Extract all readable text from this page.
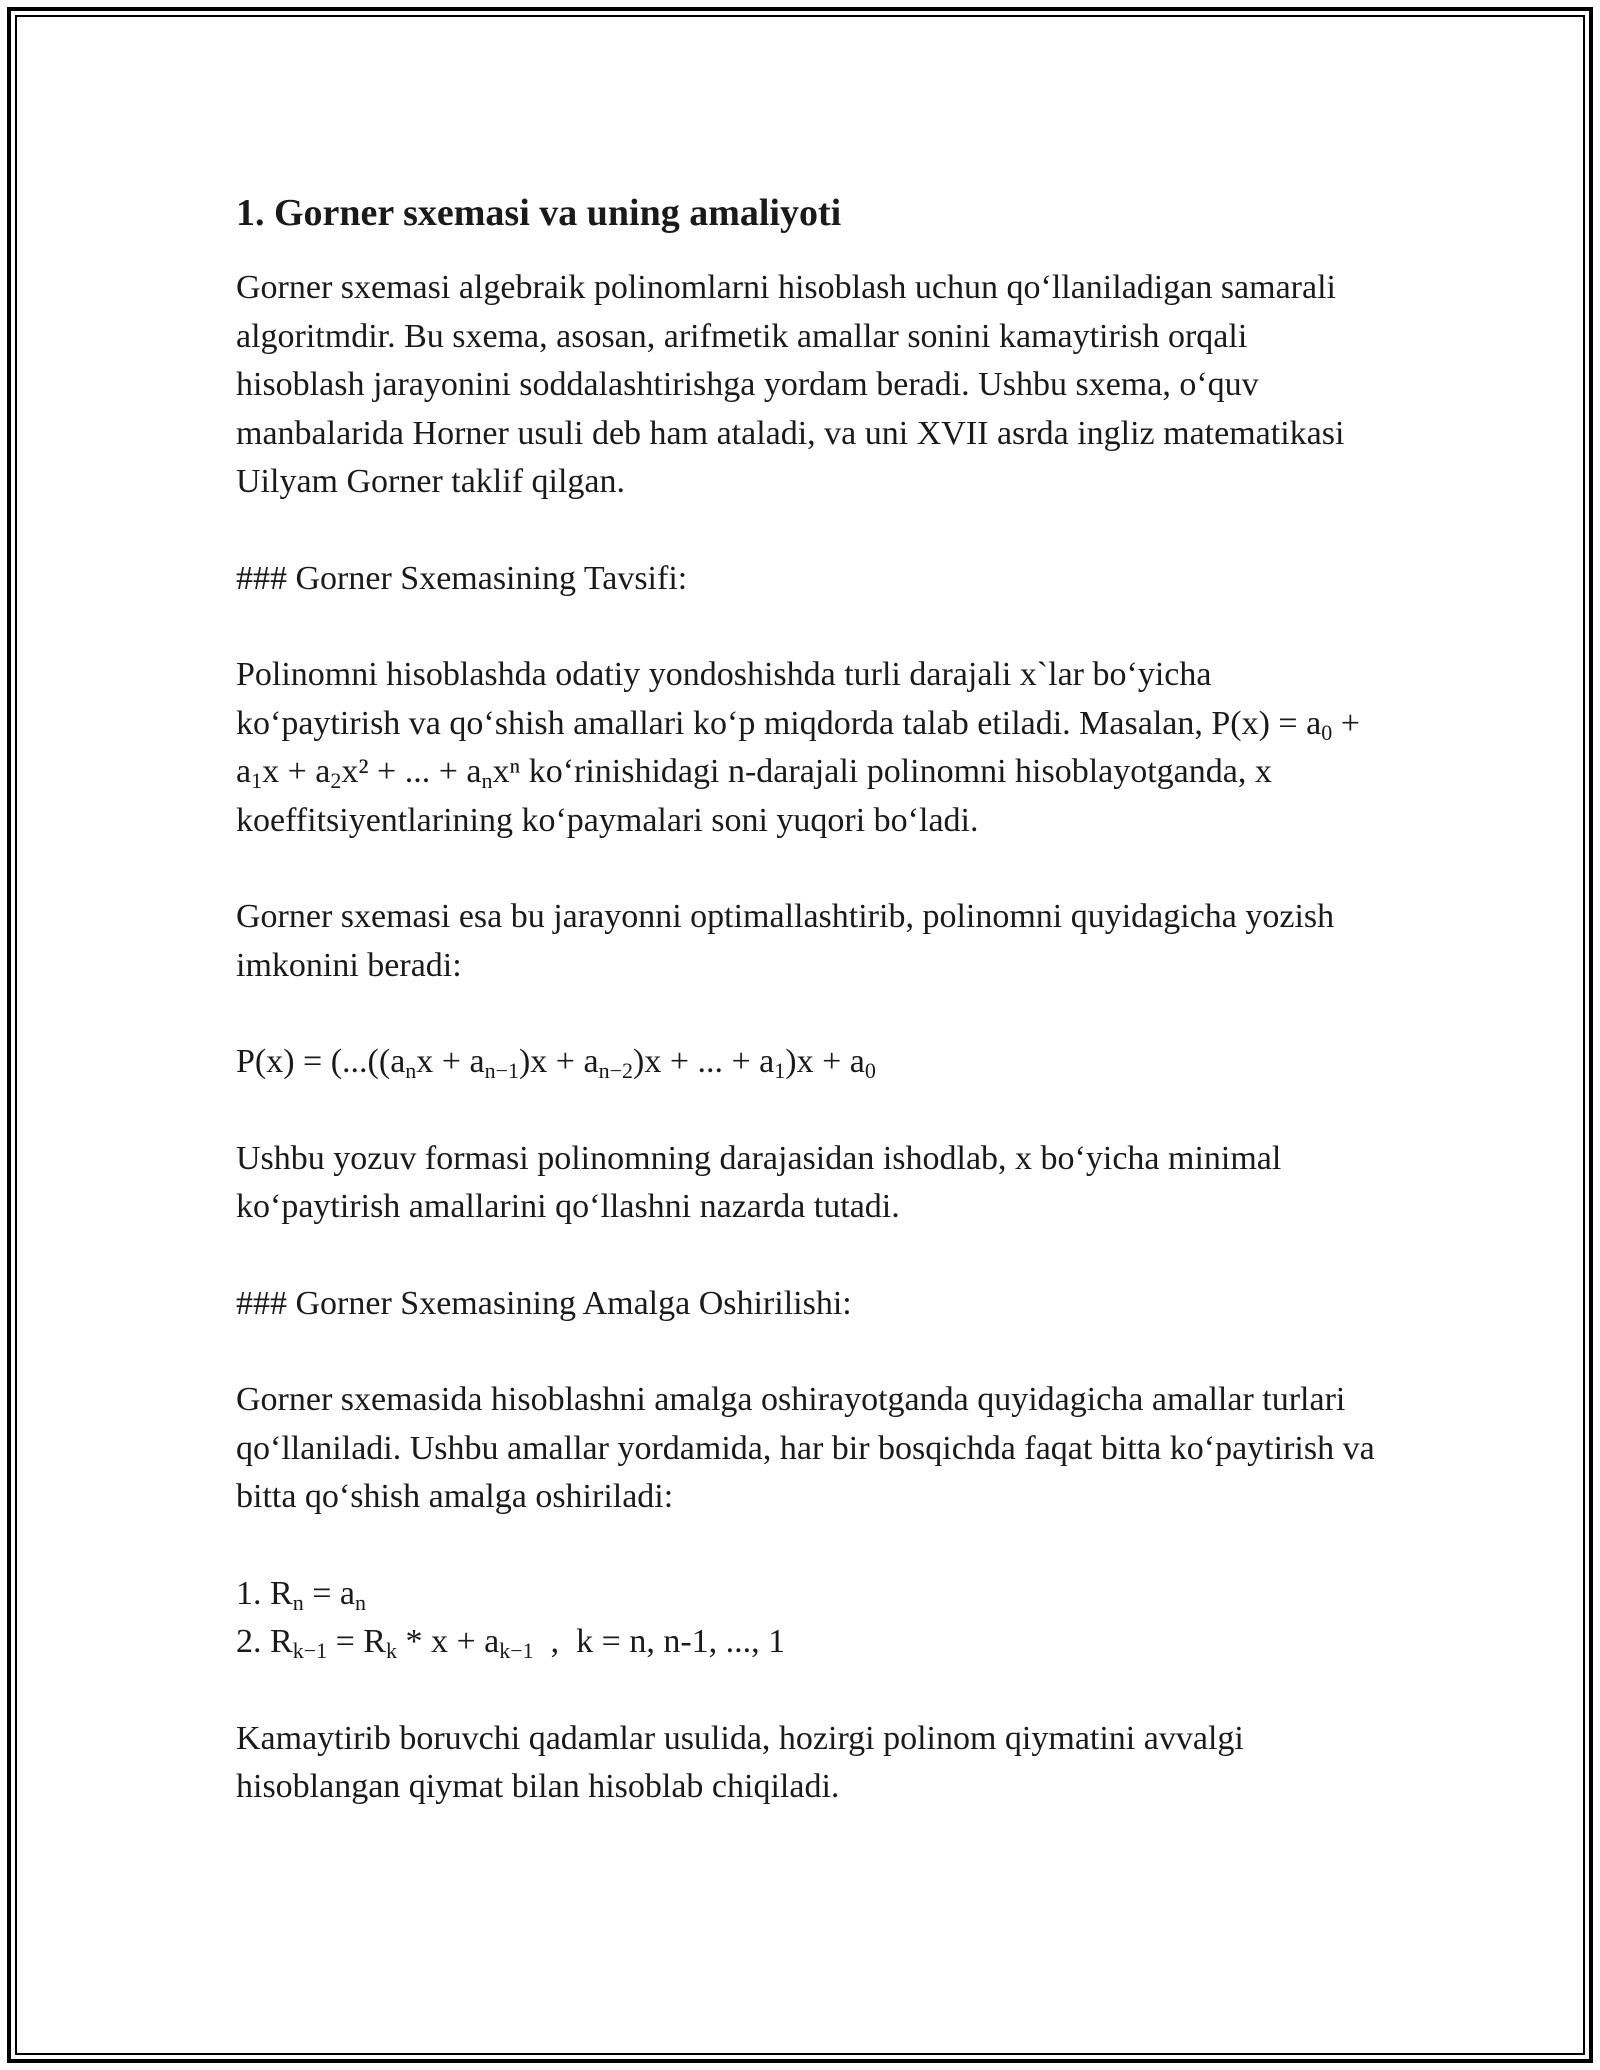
1. Gorner sxemasi va uning amaliyoti

Gorner sxemasi algebraik polinomlarni hisoblash uchun qo‘llaniladigan samarali algoritmdir. Bu sxema, asosan, arifmetik amallar sonini kamaytirish orqali hisoblash jarayonini soddalashtirishga yordam beradi. Ushbu sxema, o‘quv manbalarida Horner usuli deb ham ataladi, va uni XVII asrda ingliz matematikasi Uilyam Gorner taklif qilgan.

### Gorner Sxemasining Tavsifi:

Polinomni hisoblashda odatiy yondoshishda turli darajali x`lar bo‘yicha ko‘paytirish va qo‘shish amallari ko‘p miqdorda talab etiladi. Masalan, $P(x) = a_0 + a_1x + a_2x^2$ + ... + $a_nx^n$ ko‘rinishidagi n-darajali polinomni hisoblayotganda, x koeffitsiyentlarining ko‘paymalari soni yuqori bo‘ladi.

Gorner sxemasi esa bu jarayonni optimallashtirib, polinomni quyidagicha yozish imkonini beradi:

$P(x) = (...((a_nx + a_{n-1})x + a_{n-2})x$ + ... + $a_1)x + a_0$

Ushbu yozuv formasi polinomning darajasidan ishodlab, x bo‘yicha minimal ko‘paytirish amallarini qo‘llashni nazarda tutadi.

### Gorner Sxemasining Amalga Oshirilishi:

Gorner sxemasida hisoblashni amalga oshirayotganda quyidagicha amallar turlari qo‘llaniladi. Ushbu amallar yordamida, har bir bosqichda faqat bitta ko‘paytirish va bitta qo‘shish amalga oshiriladi:

1. $R_n = a_n$

2. $R_{k-1} = R_k * x + a_{k-1}$  ,  k = n, n-1, ..., 1

Kamaytirib boruvchi qadamlar usulida, hozirgi polinom qiymatini avvalgi hisoblangan qiymat bilan hisoblab chiqiladi.
